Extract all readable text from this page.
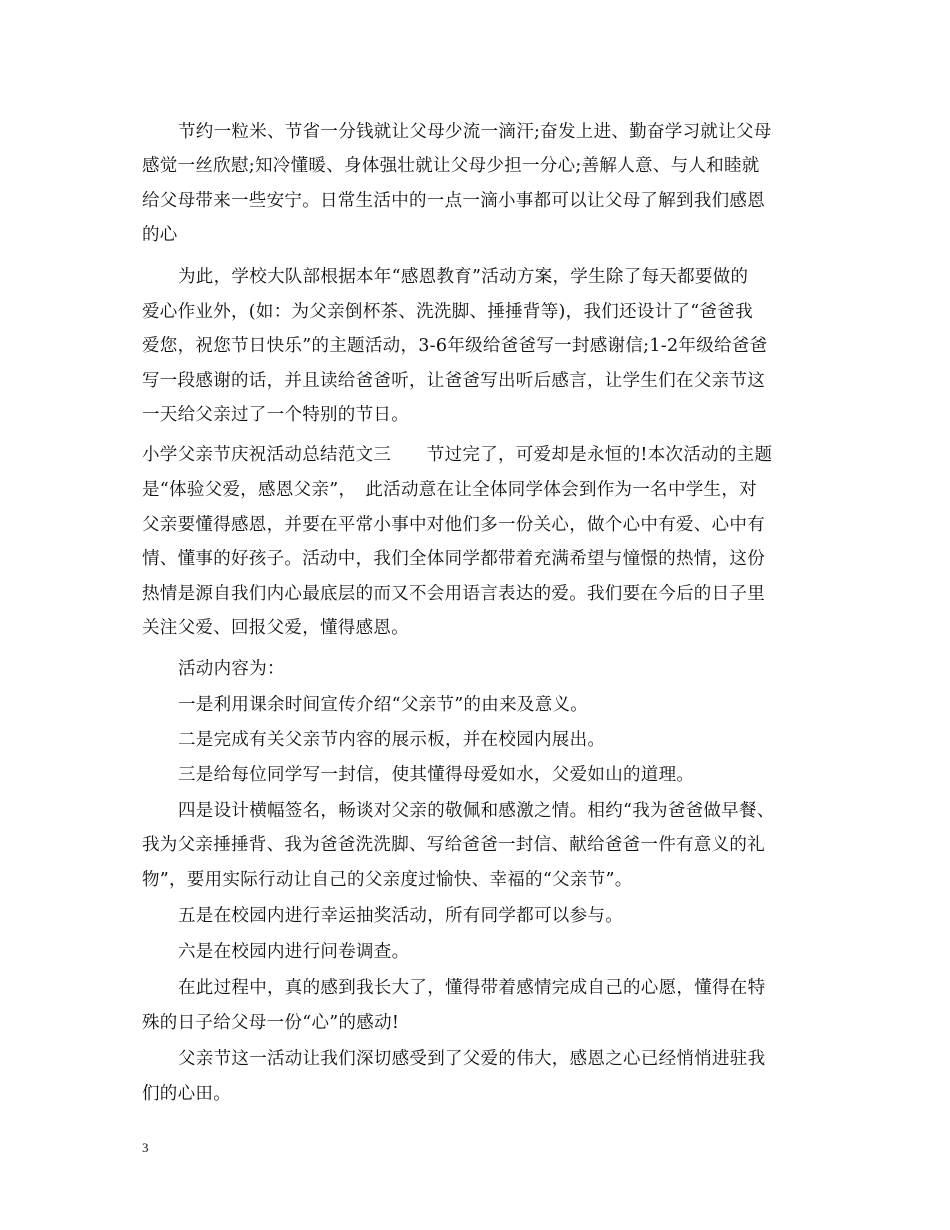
节约一粒米、节省一分钱就让父母少流一滴汗;奋发上进、勤奋学习就让父母
感觉一丝欣慰;知冷懂暖、身体强壮就让父母少担一分心;善解人意、与人和睦就
给父母带来一些安宁。日常生活中的一点一滴小事都可以让父母了解到我们感恩
的心
为此，学校大队部根据本年“感恩教育”活动方案，学生除了每天都要做的
爱心作业外，(如：为父亲倒杯茶、洗洗脚、捶捶背等)，我们还设计了“爸爸我
爱您，祝您节日快乐”的主题活动，3-6年级给爸爸写一封感谢信;1-2年级给爸爸
写一段感谢的话，并且读给爸爸听，让爸爸写出听后感言，让学生们在父亲节这
一天给父亲过了一个特别的节日。
小学父亲节庆祝活动总结范文三　　节过完了，可爱却是永恒的!本次活动的主题
是“体验父爱，感恩父亲”，　此活动意在让全体同学体会到作为一名中学生，对
父亲要懂得感恩，并要在平常小事中对他们多一份关心，做个心中有爱、心中有
情、懂事的好孩子。活动中，我们全体同学都带着充满希望与憧憬的热情，这份
热情是源自我们内心最底层的而又不会用语言表达的爱。我们要在今后的日子里
关注父爱、回报父爱，懂得感恩。
活动内容为：
一是利用课余时间宣传介绍“父亲节”的由来及意义。
二是完成有关父亲节内容的展示板，并在校园内展出。
三是给每位同学写一封信，使其懂得母爱如水，父爱如山的道理。
四是设计横幅签名，畅谈对父亲的敬佩和感激之情。相约“我为爸爸做早餐、
我为父亲捶捶背、我为爸爸洗洗脚、写给爸爸一封信、献给爸爸一件有意义的礼
物”，要用实际行动让自己的父亲度过愉快、幸福的“父亲节”。
五是在校园内进行幸运抽奖活动，所有同学都可以参与。
六是在校园内进行问卷调查。
在此过程中，真的感到我长大了，懂得带着感情完成自己的心愿，懂得在特
殊的日子给父母一份“心”的感动!
父亲节这一活动让我们深切感受到了父爱的伟大，感恩之心已经悄悄进驻我
们的心田。
3
